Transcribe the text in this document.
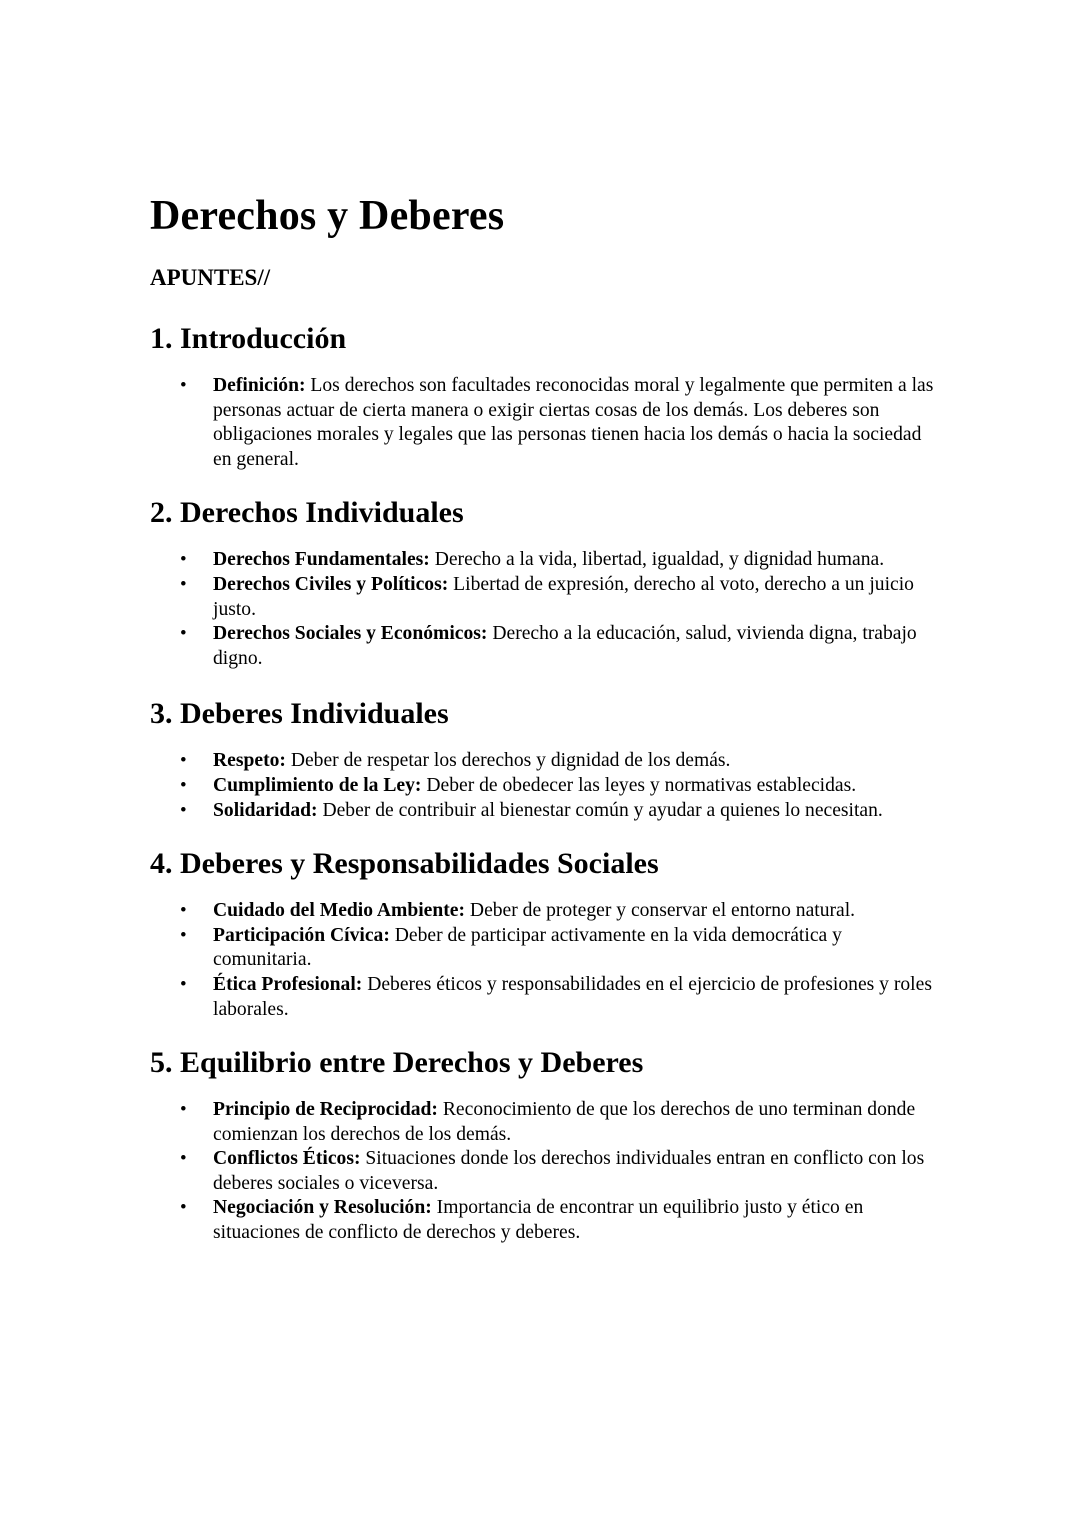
Derechos y Deberes
APUNTES//
1. Introducción
• Definición: Los derechos son facultades reconocidas moral y legalmente que permiten a las personas actuar de cierta manera o exigir ciertas cosas de los demás. Los deberes son obligaciones morales y legales que las personas tienen hacia los demás o hacia la sociedad en general.
2. Derechos Individuales
• Derechos Fundamentales: Derecho a la vida, libertad, igualdad, y dignidad humana.
• Derechos Civiles y Políticos: Libertad de expresión, derecho al voto, derecho a un juicio justo.
• Derechos Sociales y Económicos: Derecho a la educación, salud, vivienda digna, trabajo digno.
3. Deberes Individuales
• Respeto: Deber de respetar los derechos y dignidad de los demás.
• Cumplimiento de la Ley: Deber de obedecer las leyes y normativas establecidas.
• Solidaridad: Deber de contribuir al bienestar común y ayudar a quienes lo necesitan.
4. Deberes y Responsabilidades Sociales
• Cuidado del Medio Ambiente: Deber de proteger y conservar el entorno natural.
• Participación Cívica: Deber de participar activamente en la vida democrática y comunitaria.
• Ética Profesional: Deberes éticos y responsabilidades en el ejercicio de profesiones y roles laborales.
5. Equilibrio entre Derechos y Deberes
• Principio de Reciprocidad: Reconocimiento de que los derechos de uno terminan donde comienzan los derechos de los demás.
• Conflictos Éticos: Situaciones donde los derechos individuales entran en conflicto con los deberes sociales o viceversa.
• Negociación y Resolución: Importancia de encontrar un equilibrio justo y ético en situaciones de conflicto de derechos y deberes.
